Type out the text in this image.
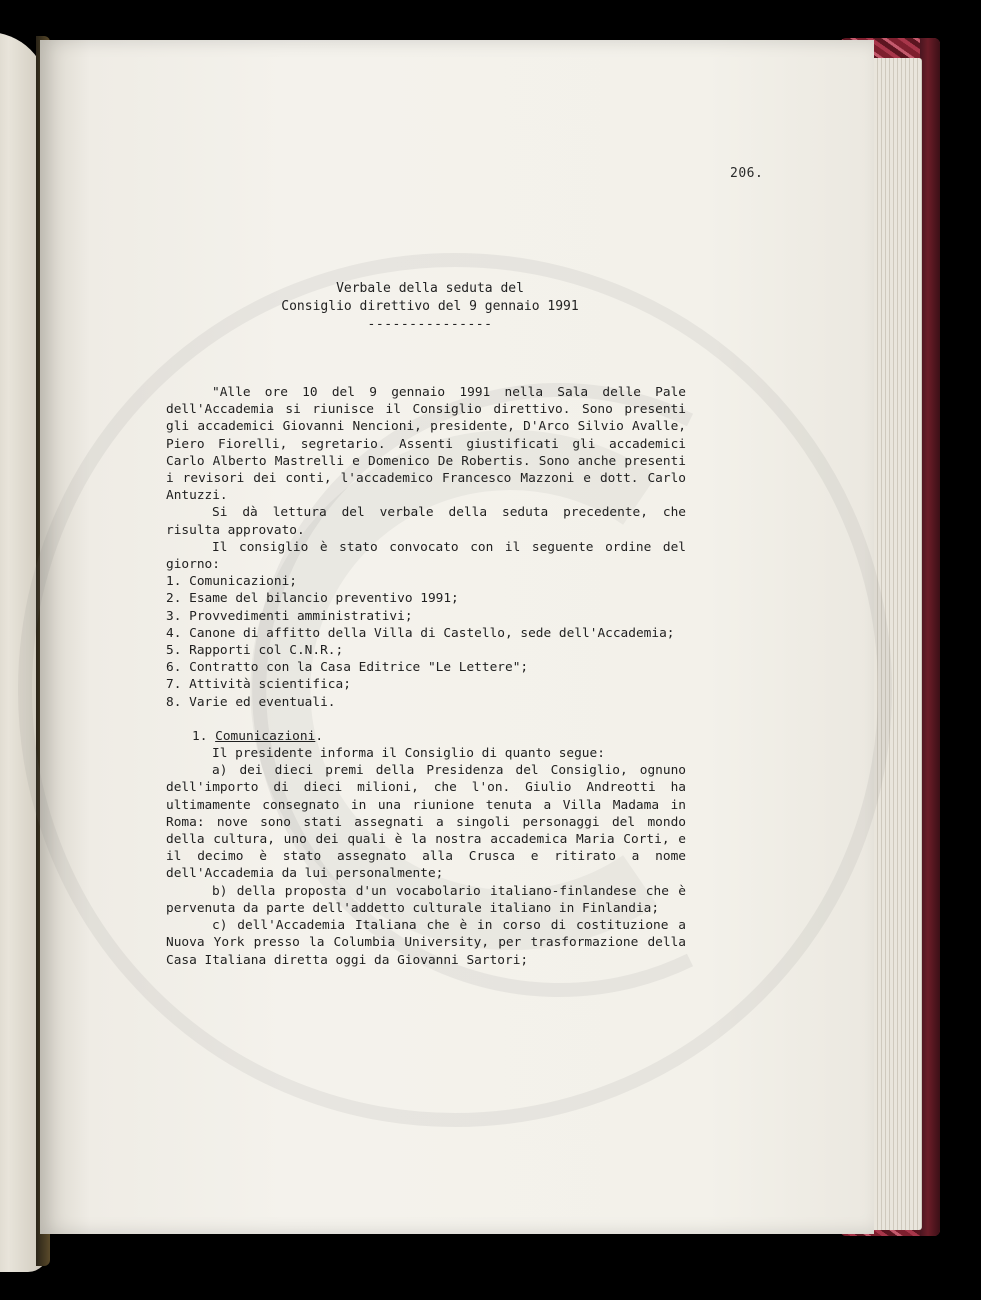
206.
Verbale della seduta del
Consiglio direttivo del 9 gennaio 1991
---------------

"Alle ore 10 del 9 gennaio 1991 nella Sala delle Pale dell'Accademia si riunisce il Consiglio direttivo. Sono presenti gli accademici Giovanni Nencioni, presidente, D'Arco Silvio Avalle, Piero Fiorelli, segretario. Assenti giustificati gli accademici Carlo Alberto Mastrelli e Domenico De Robertis. Sono anche presenti i revisori dei conti, l'accademico Francesco Mazzoni e dott. Carlo Antuzzi.

Si dà lettura del verbale della seduta precedente, che risulta approvato.

Il consiglio è stato convocato con il seguente ordine del giorno:

1. Comunicazioni;

2. Esame del bilancio preventivo 1991;

3. Provvedimenti amministrativi;

4. Canone di affitto della Villa di Castello, sede dell'Accademia;

5. Rapporti col C.N.R.;

6. Contratto con la Casa Editrice "Le Lettere";

7. Attività scientifica;

8. Varie ed eventuali.

1. Comunicazioni.

Il presidente informa il Consiglio di quanto segue:

a) dei dieci premi della Presidenza del Consiglio, ognuno dell'importo di dieci milioni, che l'on. Giulio Andreotti ha ultimamente consegnato in una riunione tenuta a Villa Madama in Roma: nove sono stati assegnati a singoli personaggi del mondo della cultura, uno dei quali è la nostra accademica Maria Corti, e il decimo è stato assegnato alla Crusca e ritirato a nome dell'Accademia da lui personalmente;

b) della proposta d'un vocabolario italiano-finlandese che è pervenuta da parte dell'addetto culturale italiano in Finlandia;

c) dell'Accademia Italiana che è in corso di costituzione a Nuova York presso la Columbia University, per trasformazione della Casa Italiana diretta oggi da Giovanni Sartori;
